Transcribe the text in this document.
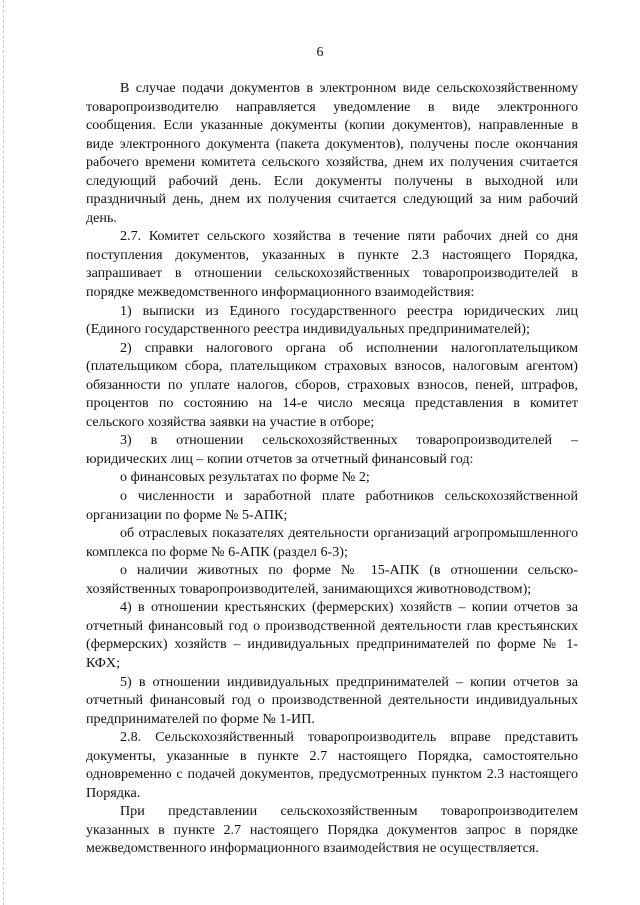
6

В случае подачи документов в электронном виде сельскохозяйственному товаропроизводителю направляется уведомление в виде электронного сообщения. Если указанные документы (копии документов), направленные в виде электронного документа (пакета документов), получены после окончания рабочего времени комитета сельского хозяйства, днем их получения считается следующий рабочий день. Если документы получены в выходной или праздничный день, днем их получения считается следующий за ним рабочий день.

2.7. Комитет сельского хозяйства в течение пяти рабочих дней со дня поступления документов, указанных в пункте 2.3 настоящего Порядка, запрашивает в отношении сельскохозяйственных товаропроизводителей в порядке межведомственного информационного взаимодействия:

1) выписки из Единого государственного реестра юридических лиц (Единого государственного реестра индивидуальных предпринимателей);

2) справки налогового органа об исполнении налогоплательщиком (плательщиком сбора, плательщиком страховых взносов, налоговым агентом) обязанности по уплате налогов, сборов, страховых взносов, пеней, штрафов, процентов по состоянию на 14-е число месяца представления в комитет сельского хозяйства заявки на участие в отборе;

3) в отношении сельскохозяйственных товаропроизводителей – юридических лиц – копии отчетов за отчетный финансовый год:

о финансовых результатах по форме № 2;

о численности и заработной плате работников сельскохозяйственной организации по форме № 5-АПК;

об отраслевых показателях деятельности организаций агропромышленного комплекса по форме № 6-АПК (раздел 6-3);

о наличии животных по форме № 15-АПК (в отношении сельскохозяйственных товаропроизводителей, занимающихся животноводством);

4) в отношении крестьянских (фермерских) хозяйств – копии отчетов за отчетный финансовый год о производственной деятельности глав крестьянских (фермерских) хозяйств – индивидуальных предпринимателей по форме № 1-КФХ;

5) в отношении индивидуальных предпринимателей – копии отчетов за отчетный финансовый год о производственной деятельности индивидуальных предпринимателей по форме № 1-ИП.

2.8. Сельскохозяйственный товаропроизводитель вправе представить документы, указанные в пункте 2.7 настоящего Порядка, самостоятельно одновременно с подачей документов, предусмотренных пунктом 2.3 настоящего Порядка.

При представлении сельскохозяйственным товаропроизводителем указанных в пункте 2.7 настоящего Порядка документов запрос в порядке межведомственного информационного взаимодействия не осуществляется.
